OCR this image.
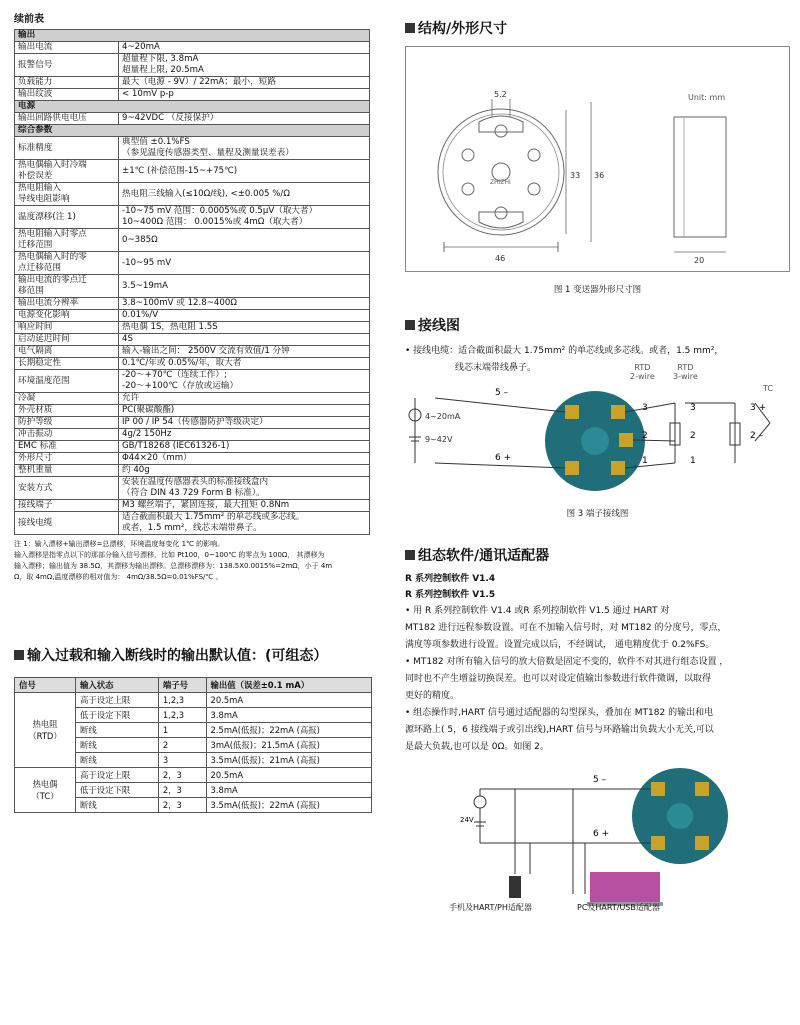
续前表
输出	
输出电流	4~20mA
报警信号	超量程下限, 3.8mA
超量程上限, 20.5mA
负载能力	最大（电源 - 9V）/ 22mA；最小，短路
输出纹波	< 10mV p-p
电源	
输出回路供电电压	9~42VDC （反接保护）
综合参数	
标准精度	典型值 ±0.1%FS
（参见温度传感器类型、量程及测量误差表）
热电偶输入时冷端
补偿误差	±1℃ (补偿范围-15~+75℃)
热电阻输入
导线电阻影响	热电阻三线输入(≤10Ω/线), <±0.005 %/Ω
温度漂移(注 1)	-10~75 mV 范围：0.0005%或 0.5μV（取大者）
10~400Ω 范围： 0.0015%或 4mΩ（取大者）
热电阻输入时零点
迁移范围	0~385Ω
热电偶输入时的零
点迁移范围	-10~95 mV
输出电流的零点迁
移范围	3.5~19mA
输出电流分辨率	3.8~100mV 或 12.8~400Ω
电源变化影响	0.01%/V
响应时间	热电偶 1S，热电阻 1.5S
启动延迟时间	4S
电气隔离	输入-输出之间： 2500V 交流有效值/1 分钟
长期稳定性	0.1℃/年或 0.05%/年，取大者
环境温度范围	-20～+70℃（连续工作）;
-20～+100℃（存放或运输）
冷凝	允许
外壳材质	PC(聚碳酸酯)
防护等级	IP 00 / IP 54（传感器防护等级决定）
冲击振动	4g/2 150Hz
EMC 标准	GB/T18268 (IEC61326-1)
外形尺寸	Φ44×20（mm）
整机重量	约 40g
安装方式	安装在温度传感器表头的标准接线盒内
（符合 DIN 43 729 Form B 标准）。
接线端子	M3 螺丝端子，紧固连接，最大扭矩 0.8Nm
接线电缆	适合截面积最大 1.75mm² 的单芯线或多芯线。
或者，1.5 mm²，线芯末端带鼻子。
注 1：输入漂移+输出漂移=总漂移，环境温度每变化 1℃ 的影响。
输入漂移是指零点以下的那部分输入信号漂移，比如 Pt100，0~100℃ 的零点为 100Ω， 其漂移为
输入漂移；输出值为 38.5Ω，其漂移为输出漂移。总漂移漂移为：138.5X0.0015%=2mΩ，小于 4m
Ω，取 4mΩ,温度漂移的相对值为： 4mΩ/38.5Ω=0.01%FS/℃ 。
输入过载和输入断线时的输出默认值：(可组态）
信号	输入状态	端子号	输出值（误差±0.1 mA）
热电阻
（RTD）	高于设定上限	1,2,3	20.5mA
	低于设定下限	1,2,3	3.8mA
	断线	1	2.5mA(低报)；22mA (高报)
	断线	2	3mA(低报)；21.5mA (高报)
	断线	3	3.5mA(低报)；21mA (高报)
热电偶
（TC）	高于设定上限	2，3	20.5mA
	低于设定下限	2，3	3.8mA
	断线	2，3	3.5mA(低报)；22mA (高报)
结构/外形尺寸
5.2
33 36
46	20
Unit: mm
ZHIZHI
图 1 变送器外形尺寸图
接线图
• 接线电缆：适合截面积最大 1.75mm² 的单芯线或多芯线。或者，1.5 mm²，
线芯末端带线鼻子。
5 –
6 +
4~20mA
9~42V
3
2
1
3
2
1
3 +
2 –
TC
RTD
2-wire
RTD
3-wire
图 3 端子接线图
组态软件/通讯适配器
R 系列控制软件 V1.4
R 系列控制软件 V1.5
• 用 R 系列控制软件 V1.4 或R 系列控制软件 V1.5 通过 HART 对
MT182 进行远程参数设置。可在不加输入信号时，对 MT182 的分度号，零点，
满度等项参数进行设置。设置完成以后，不经调试， 通电精度优于 0.2%FS。
• MT182 对所有输入信号的放大倍数是固定不变的，软件不对其进行组态设置 ，
同时也不产生增益切换误差。也可以对设定值输出参数进行软件微调，以取得
更好的精度。
• 组态操作时,HART 信号通过适配器的勾型探头，叠加在 MT182 的输出和电
源环路上( 5，6 接线端子或引出线),HART 信号与环路输出负载大小无关,可以
是最大负载,也可以是 0Ω。如图 2。
24V
5 –
6 +
手机及HART/PH适配器	PC及HART/USB适配器
